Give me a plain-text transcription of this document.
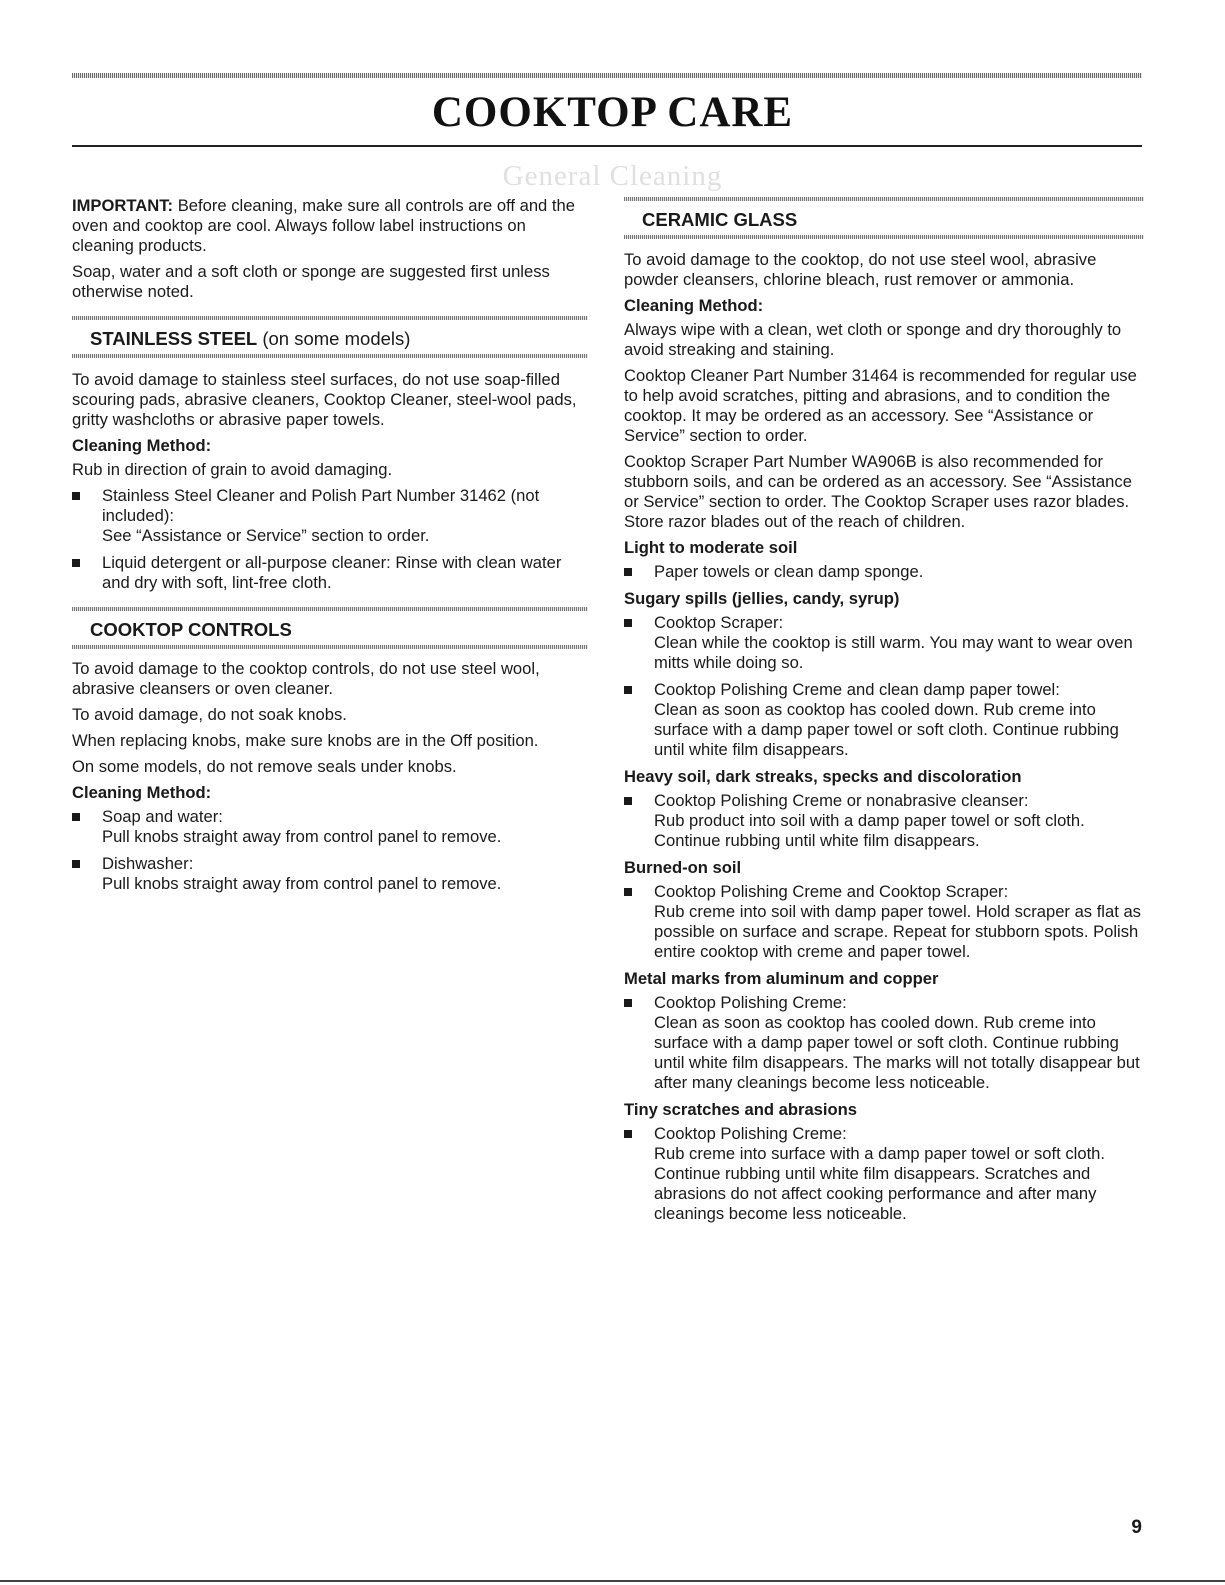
COOKTOP CARE
General Cleaning

IMPORTANT: Before cleaning, make sure all controls are off and the oven and cooktop are cool. Always follow label instructions on cleaning products.

Soap, water and a soft cloth or sponge are suggested first unless otherwise noted.

STAINLESS STEEL (on some models)

To avoid damage to stainless steel surfaces, do not use soap-filled scouring pads, abrasive cleaners, Cooktop Cleaner, steel-wool pads, gritty washcloths or abrasive paper towels.

Cleaning Method:

Rub in direction of grain to avoid damaging.

Stainless Steel Cleaner and Polish Part Number 31462 (not included):
See “Assistance or Service” section to order.
Liquid detergent or all-purpose cleaner: Rinse with clean water and dry with soft, lint-free cloth.
COOKTOP CONTROLS

To avoid damage to the cooktop controls, do not use steel wool, abrasive cleansers or oven cleaner.

To avoid damage, do not soak knobs.

When replacing knobs, make sure knobs are in the Off position.

On some models, do not remove seals under knobs.

Cleaning Method:

Soap and water:
Pull knobs straight away from control panel to remove.
Dishwasher:
Pull knobs straight away from control panel to remove.
CERAMIC GLASS

To avoid damage to the cooktop, do not use steel wool, abrasive powder cleansers, chlorine bleach, rust remover or ammonia.

Cleaning Method:

Always wipe with a clean, wet cloth or sponge and dry thoroughly to avoid streaking and staining.

Cooktop Cleaner Part Number 31464 is recommended for regular use to help avoid scratches, pitting and abrasions, and to condition the cooktop. It may be ordered as an accessory. See “Assistance or Service” section to order.

Cooktop Scraper Part Number WA906B is also recommended for stubborn soils, and can be ordered as an accessory. See “Assistance or Service” section to order. The Cooktop Scraper uses razor blades. Store razor blades out of the reach of children.

Light to moderate soil

Paper towels or clean damp sponge.

Sugary spills (jellies, candy, syrup)

Cooktop Scraper:
Clean while the cooktop is still warm. You may want to wear oven mitts while doing so.
Cooktop Polishing Creme and clean damp paper towel:
Clean as soon as cooktop has cooled down. Rub creme into surface with a damp paper towel or soft cloth. Continue rubbing until white film disappears.

Heavy soil, dark streaks, specks and discoloration

Cooktop Polishing Creme or nonabrasive cleanser:
Rub product into soil with a damp paper towel or soft cloth. Continue rubbing until white film disappears.

Burned-on soil

Cooktop Polishing Creme and Cooktop Scraper:
Rub creme into soil with damp paper towel. Hold scraper as flat as possible on surface and scrape. Repeat for stubborn spots. Polish entire cooktop with creme and paper towel.

Metal marks from aluminum and copper

Cooktop Polishing Creme:
Clean as soon as cooktop has cooled down. Rub creme into surface with a damp paper towel or soft cloth. Continue rubbing until white film disappears. The marks will not totally disappear but after many cleanings become less noticeable.

Tiny scratches and abrasions

Cooktop Polishing Creme:
Rub creme into surface with a damp paper towel or soft cloth. Continue rubbing until white film disappears. Scratches and abrasions do not affect cooking performance and after many cleanings become less noticeable.
9
